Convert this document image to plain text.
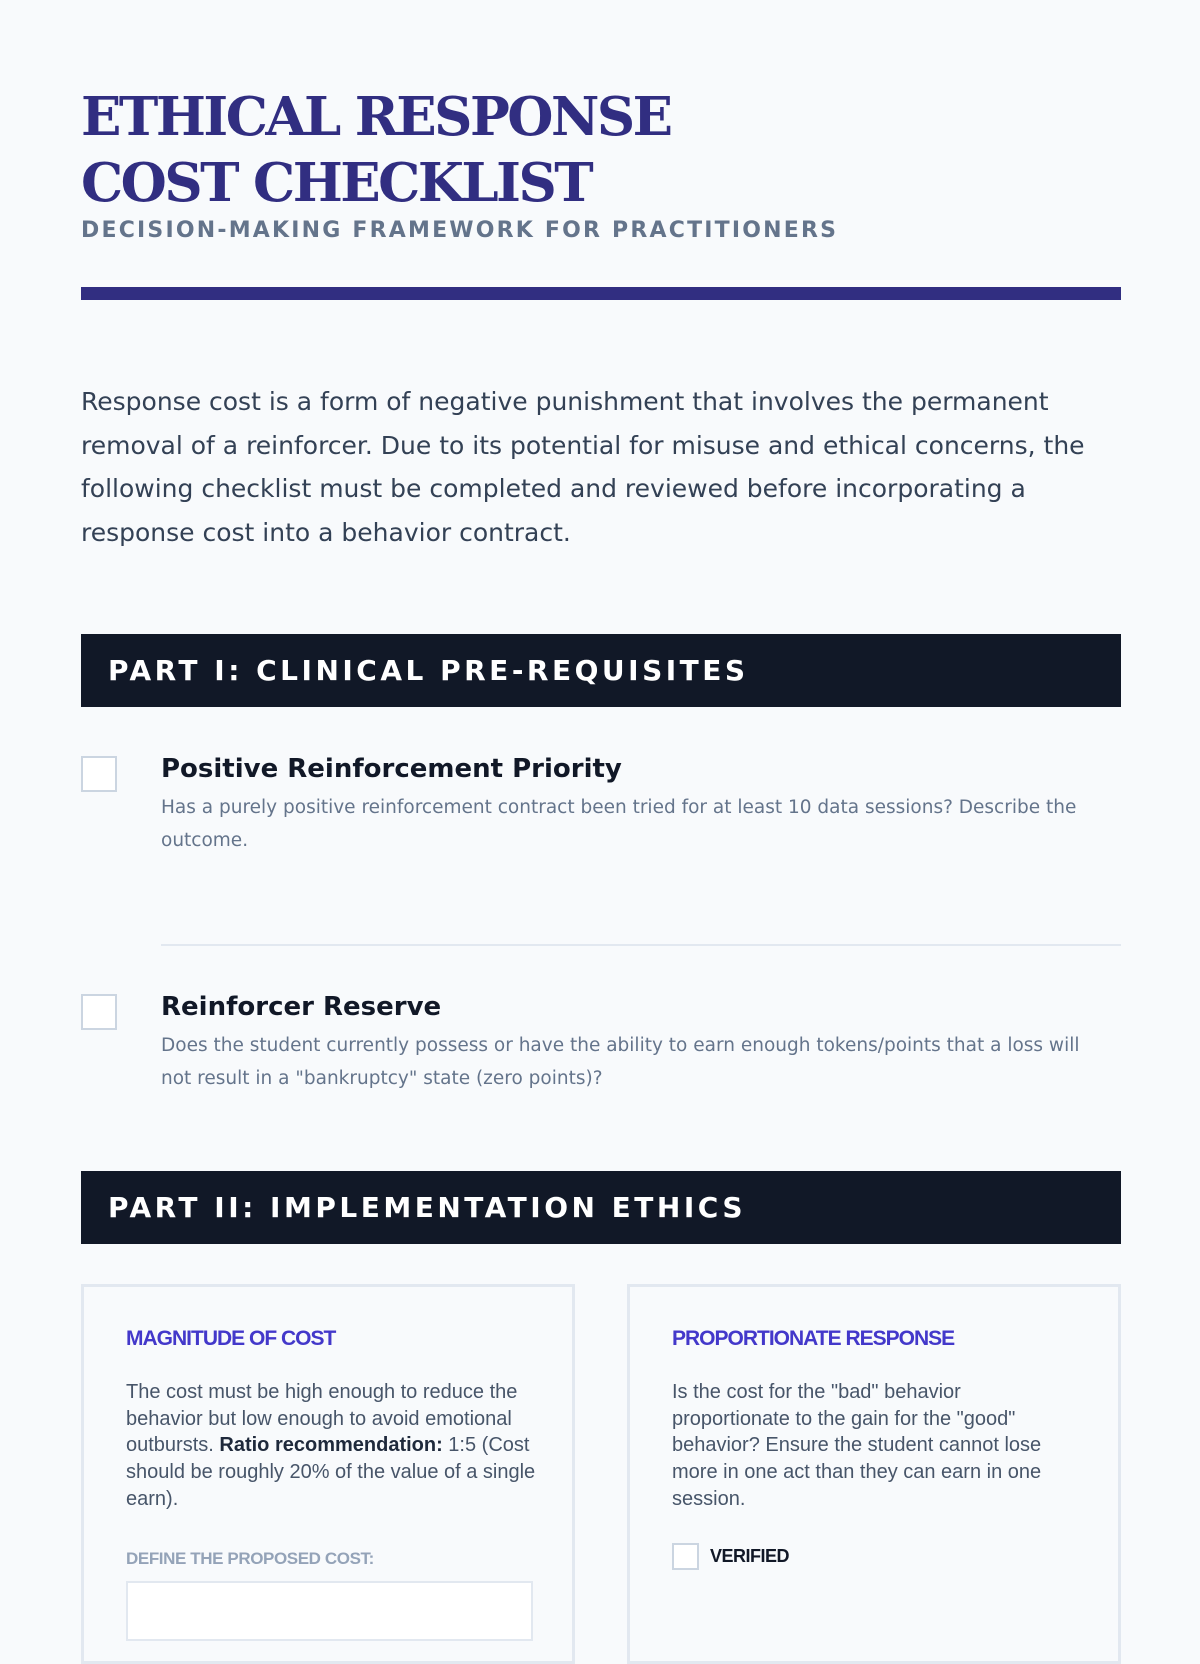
ETHICAL RESPONSE COST CHECKLIST
DECISION-MAKING FRAMEWORK FOR PRACTITIONERS

Response cost is a form of negative punishment that involves the permanent removal of a reinforcer. Due to its potential for misuse and ethical concerns, the following checklist must be completed and reviewed before incorporating a response cost into a behavior contract.

PART I: CLINICAL PRE-REQUISITES
Positive Reinforcement Priority
Has a purely positive reinforcement contract been tried for at least 10 data sessions? Describe the outcome.
Reinforcer Reserve
Does the student currently possess or have the ability to earn enough tokens/points that a loss will not result in a "bankruptcy" state (zero points)?
PART II: IMPLEMENTATION ETHICS
MAGNITUDE OF COST

The cost must be high enough to reduce the behavior but low enough to avoid emotional outbursts. Ratio recommendation: 1:5 (Cost should be roughly 20% of the value of a single earn).

DEFINE THE PROPOSED COST:
PROPORTIONATE RESPONSE

Is the cost for the "bad" behavior proportionate to the gain for the "good" behavior? Ensure the student cannot lose more in one act than they can earn in one session.

VERIFIED
